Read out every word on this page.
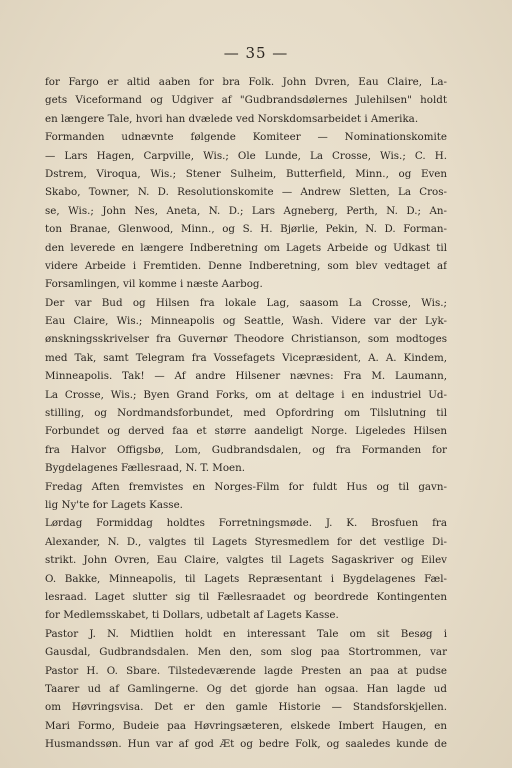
— 35 —
for Fargo er altid aaben for bra Folk. John Dvren, Eau Claire, La-
gets Viceformand og Udgiver af "Gudbrandsdølernes Julehilsen" holdt
en længere Tale, hvori han dvælede ved Norskdomsarbeidet i Amerika.
Formanden udnævnte følgende Komiteer — Nominationskomite
— Lars Hagen, Carpville, Wis.; Ole Lunde, La Crosse, Wis.; C. H.
Dstrem, Viroqua, Wis.; Stener Sulheim, Butterfield, Minn., og Even
Skabo, Towner, N. D. Resolutionskomite — Andrew Sletten, La Cros-
se, Wis.; John Nes, Aneta, N. D.; Lars Agneberg, Perth, N. D.; An-
ton Branae, Glenwood, Minn., og S. H. Bjørlie, Pekin, N. D. Forman-
den leverede en længere Indberetning om Lagets Arbeide og Udkast til
videre Arbeide i Fremtiden. Denne Indberetning, som blev vedtaget af
Forsamlingen, vil komme i næste Aarbog.
Der var Bud og Hilsen fra lokale Lag, saasom La Crosse, Wis.;
Eau Claire, Wis.; Minneapolis og Seattle, Wash. Videre var der Lyk-
ønskningsskrivelser fra Guvernør Theodore Christianson, som modtoges
med Tak, samt Telegram fra Vossefagets Vicepræsident, A. A. Kindem,
Minneapolis. Tak! — Af andre Hilsener nævnes: Fra M. Laumann,
La Crosse, Wis.; Byen Grand Forks, om at deltage i en industriel Ud-
stilling, og Nordmandsforbundet, med Opfordring om Tilslutning til
Forbundet og derved faa et større aandeligt Norge. Ligeledes Hilsen
fra Halvor Offigsbø, Lom, Gudbrandsdalen, og fra Formanden for
Bygdelagenes Fællesraad, N. T. Moen.
Fredag Aften fremvistes en Norges-Film for fuldt Hus og til gavn-
lig Ny'te for Lagets Kasse.
Lørdag Formiddag holdtes Forretningsmøde. J. K. Brosfuen fra
Alexander, N. D., valgtes til Lagets Styresmedlem for det vestlige Di-
strikt. John Ovren, Eau Claire, valgtes til Lagets Sagaskriver og Eilev
O. Bakke, Minneapolis, til Lagets Repræsentant i Bygdelagenes Fæl-
lesraad. Laget slutter sig til Fællesraadet og beordrede Kontingenten
for Medlemsskabet, ti Dollars, udbetalt af Lagets Kasse.
Pastor J. N. Midtlien holdt en interessant Tale om sit Besøg i
Gausdal, Gudbrandsdalen. Men den, som slog paa Stortrommen, var
Pastor H. O. Sbare. Tilstedeværende lagde Presten an paa at pudse
Taarer ud af Gamlingerne. Og det gjorde han ogsaa. Han lagde ud
om Høvringsvisa. Det er den gamle Historie — Standsforskjellen.
Mari Formo, Budeie paa Høvringsæteren, elskede Imbert Haugen, en
Husmandssøn. Hun var af god Æt og bedre Folk, og saaledes kunde de
